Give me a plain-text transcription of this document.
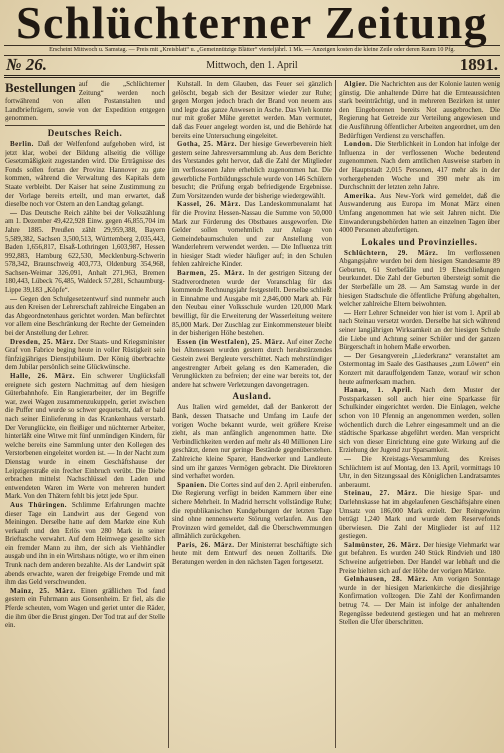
Schlüchterner Zeitung
Erscheint Mittwoch u. Samstag. — Preis mit „Kreisblatt“ u. „Gemeinnützige Blätter“ vierteljährl. 1 Mk. — Anzeigen kosten die kleine Zeile oder deren Raum 10 Pfg.
№ 26.	Mittwoch, den 1. April	1891.
Bestellungen auf die „Schlüchterner Zeitung“ werden noch fortwährend von allen Postanstalten und Landbriefträgern, sowie von der Expedition entgegen genommen.
Deutsches Reich.

Berlin. Daß der Welfenfond aufgehoben wird, ist jetzt klar, wobei der Bildung allseitig die völlige Gesetzmäßigkeit zugestanden wird. Die Erträgnisse des Fonds sollen fortan der Provinz Hannover zu gute kommen, während die Verwaltung des Kapitals dem Staate verbleibt. Der Kaiser hat seine Zustimmung zu der Vorlage bereits erteilt, und man erwartet, daß dieselbe noch vor Ostern an den Landtag gelangt.

— Das Deutsche Reich zählte bei der Volkszählung am 1. Dezember 49,422,928 Einw. gegen 46,855,704 im Jahre 1885. Preußen zählt 29,959,388, Bayern 5,589,382, Sachsen 3,500,513, Württemberg 2,035,443, Baden 1,656,817, Elsaß-Lothringen 1,603,987, Hessen 992,883, Hamburg 622,530, Mecklenburg-Schwerin 578,342, Braunschweig 403,773, Oldenburg 354,968, Sachsen-Weimar 326,091, Anhalt 271,963, Bremen 180,443, Lübeck 76,485, Waldeck 57,281, Schaumburg-Lippe 39,183 „Köpfe“.

— Gegen den Schulgesetzentwurf sind nunmehr auch aus den Kreisen der Lehrerschaft zahlreiche Eingaben an das Abgeordnetenhaus gerichtet worden. Man befürchtet vor allem eine Beschränkung der Rechte der Gemeinden bei der Anstellung der Lehrer.

Dresden, 25. März. Der Staats- und Kriegsminister Graf von Fabrice beging heute in voller Rüstigkeit sein fünfzigjähriges Dienstjubiläum. Der König überbrachte dem Jubilar persönlich seine Glückwünsche.

Halle, 26. März. Ein schwerer Unglücksfall ereignete sich gestern Nachmittag auf dem hiesigen Güterbahnhofe. Ein Rangierarbeiter, der im Begriffe war, zwei Wagen zusammenzukuppeln, geriet zwischen die Puffer und wurde so schwer gequetscht, daß er bald nach seiner Einlieferung in das Krankenhaus verstarb. Der Verunglückte, ein fleißiger und nüchterner Arbeiter, hinterläßt eine Witwe mit fünf unmündigen Kindern, für welche bereits eine Sammlung unter den Kollegen des Verstorbenen eingeleitet worden ist. — In der Nacht zum Dienstag wurde in einem Geschäftshause der Leipzigerstraße ein frecher Einbruch verübt. Die Diebe erbrachen mittelst Nachschlüssel den Laden und entwendeten Waren im Werte von mehreren hundert Mark. Von den Thätern fehlt bis jetzt jede Spur.

Aus Thüringen. Schlimme Erfahrungen machte dieser Tage ein Landwirt aus der Gegend von Meiningen. Derselbe hatte auf dem Markte eine Kuh verkauft und den Erlös von 280 Mark in seiner Brieftasche verwahrt. Auf dem Heimwege gesellte sich ein fremder Mann zu ihm, der sich als Viehhändler ausgab und ihn in ein Wirtshaus nötigte, wo er ihm einen Trunk nach dem anderen bezahlte. Als der Landwirt spät abends erwachte, waren der freigebige Fremde und mit ihm das Geld verschwunden.

Mainz, 25. März. Einen gräßlichen Tod fand gestern ein Fuhrmann aus Gonsenheim. Er fiel, als die Pferde scheuten, vom Wagen und geriet unter die Räder, die ihm über die Brust gingen. Der Tod trat auf der Stelle ein.

Kuhstall. In dem Glauben, das Feuer sei gänzlich gelöscht, begab sich der Besitzer wieder zur Ruhe; gegen Morgen jedoch brach der Brand von neuem aus und legte das ganze Anwesen in Asche. Das Vieh konnte nur mit großer Mühe gerettet werden. Man vermutet, daß das Feuer angelegt worden ist, und die Behörde hat bereits eine Untersuchung eingeleitet.

Gotha, 25. März. Der hiesige Gewerbeverein hielt gestern seine Jahresversammlung ab. Aus dem Berichte des Vorstandes geht hervor, daß die Zahl der Mitglieder im verflossenen Jahre erheblich zugenommen hat. Die gewerbliche Fortbildungsschule wurde von 146 Schülern besucht; die Prüfung ergab befriedigende Ergebnisse. Zum Vorsitzenden wurde der bisherige wiedergewählt.

Kassel, 26. März. Das Landeskommunalamt hat für die Provinz Hessen-Nassau die Summe von 50,000 Mark zur Förderung des Obstbaues ausgeworfen. Die Gelder sollen vornehmlich zur Anlage von Gemeindebaumschulen und zur Anstellung von Wanderlehrern verwendet werden. — Die Influenza tritt in hiesiger Stadt wieder häufiger auf; in den Schulen fehlen zahlreiche Kinder.

Barmen, 25. März. In der gestrigen Sitzung der Stadtverordneten wurde der Voranschlag für das kommende Rechnungsjahr festgestellt. Derselbe schließt in Einnahme und Ausgabe mit 2,846,000 Mark ab. Für den Neubau einer Volksschule wurden 120,000 Mark bewilligt, für die Erweiterung der Wasserleitung weitere 85,000 Mark. Der Zuschlag zur Einkommensteuer bleibt in der bisherigen Höhe bestehen.

Essen (in Westfalen), 25. März. Auf einer Zeche bei Altenessen wurden gestern durch herabstürzendes Gestein zwei Bergleute verschüttet. Nach mehrstündiger angestrengter Arbeit gelang es den Kameraden, die Verunglückten zu befreien; der eine war bereits tot, der andere hat schwere Verletzungen davongetragen.

Ausland.

Aus Italien wird gemeldet, daß der Bankerott der Bank, dessen Thatsache und Umfang im Laufe der vorigen Woche bekannt wurde, weit größere Kreise zieht, als man anfänglich angenommen hatte. Die Verbindlichkeiten werden auf mehr als 40 Millionen Lire geschätzt, denen nur geringe Bestände gegenüberstehen. Zahlreiche kleine Sparer, Handwerker und Landleute sind um ihr ganzes Vermögen gebracht. Die Direktoren sind verhaftet worden.

Spanien. Die Cortes sind auf den 2. April einberufen. Die Regierung verfügt in beiden Kammern über eine sichere Mehrheit. In Madrid herrscht vollständige Ruhe; die republikanischen Kundgebungen der letzten Tage sind ohne nennenswerte Störung verlaufen. Aus den Provinzen wird gemeldet, daß die Überschwemmungen allmählich zurückgehen.

Paris, 26. März. Der Ministerrat beschäftigte sich heute mit dem Entwurf des neuen Zolltarifs. Die Beratungen werden in den nächsten Tagen fortgesetzt.

Algier. Die Nachrichten aus der Kolonie lauten wenig günstig. Die anhaltende Dürre hat die Ernteaussichten stark beeinträchtigt, und in mehreren Bezirken ist unter den Eingeborenen bereits Not ausgebrochen. Die Regierung hat Getreide zur Verteilung angewiesen und die Ausführung öffentlicher Arbeiten angeordnet, um den Bedürftigen Verdienst zu verschaffen.

London. Die Sterblichkeit in London hat infolge der Influenza in der verflossenen Woche bedeutend zugenommen. Nach dem amtlichen Ausweise starben in der Hauptstadt 2,015 Personen, 417 mehr als in der vorhergehenden Woche und 390 mehr als im Durchschnitt der letzten zehn Jahre.

Amerika. Aus New-York wird gemeldet, daß die Auswanderung aus Europa im Monat März einen Umfang angenommen hat wie seit Jahren nicht. Die Einwanderungsbehörden hatten an einzelnen Tagen über 4000 Personen abzufertigen.

Lokales und Provinzielles.

Schlüchtern, 29. März. Im verflossenen Abgangsjahre wurden bei dem hiesigen Standesamte 89 Geburten, 61 Sterbefälle und 19 Eheschließungen beurkundet. Die Zahl der Geburten übersteigt somit die der Sterbefälle um 28. — Am Samstag wurde in der hiesigen Stadtschule die öffentliche Prüfung abgehalten, welcher zahlreiche Eltern beiwohnten.

— Herr Lehrer Schneider von hier ist vom 1. April ab nach Steinau versetzt worden. Derselbe hat sich während seiner langjährigen Wirksamkeit an der hiesigen Schule die Liebe und Achtung seiner Schüler und der ganzen Bürgerschaft in hohem Maße erworben.

— Der Gesangverein „Liederkranz“ veranstaltet am Ostermontag im Saale des Gasthauses „zum Löwen“ ein Konzert mit darauffolgendem Tanze, worauf wir schon heute aufmerksam machen.

Hanau, 1. April. Nach dem Muster der Postsparkassen soll auch hier eine Sparkasse für Schulkinder eingerichtet werden. Die Einlagen, welche schon von 10 Pfennig an angenommen werden, sollen wöchentlich durch die Lehrer eingesammelt und an die städtische Sparkasse abgeführt werden. Man verspricht sich von dieser Einrichtung eine gute Wirkung auf die Erziehung der Jugend zur Sparsamkeit.

— Die Kreistags-Versammlung des Kreises Schlüchtern ist auf Montag, den 13. April, vormittags 10 Uhr, in den Sitzungssaal des Königlichen Landratsamtes anberaumt.

Steinau, 27. März. Die hiesige Spar- und Darlehnskasse hat im abgelaufenen Geschäftsjahre einen Umsatz von 186,000 Mark erzielt. Der Reingewinn beträgt 1,240 Mark und wurde dem Reservefonds überwiesen. Die Zahl der Mitglieder ist auf 112 gestiegen.

Salmünster, 26. März. Der hiesige Viehmarkt war gut befahren. Es wurden 240 Stück Rindvieh und 180 Schweine aufgetrieben. Der Handel war lebhaft und die Preise hielten sich auf der Höhe der vorigen Märkte.

Gelnhausen, 28. März. Am vorigen Sonntage wurde in der hiesigen Marienkirche die diesjährige Konfirmation vollzogen. Die Zahl der Konfirmanden betrug 74. — Der Main ist infolge der anhaltenden Regengüsse bedeutend gestiegen und hat an mehreren Stellen die Ufer überschritten.
